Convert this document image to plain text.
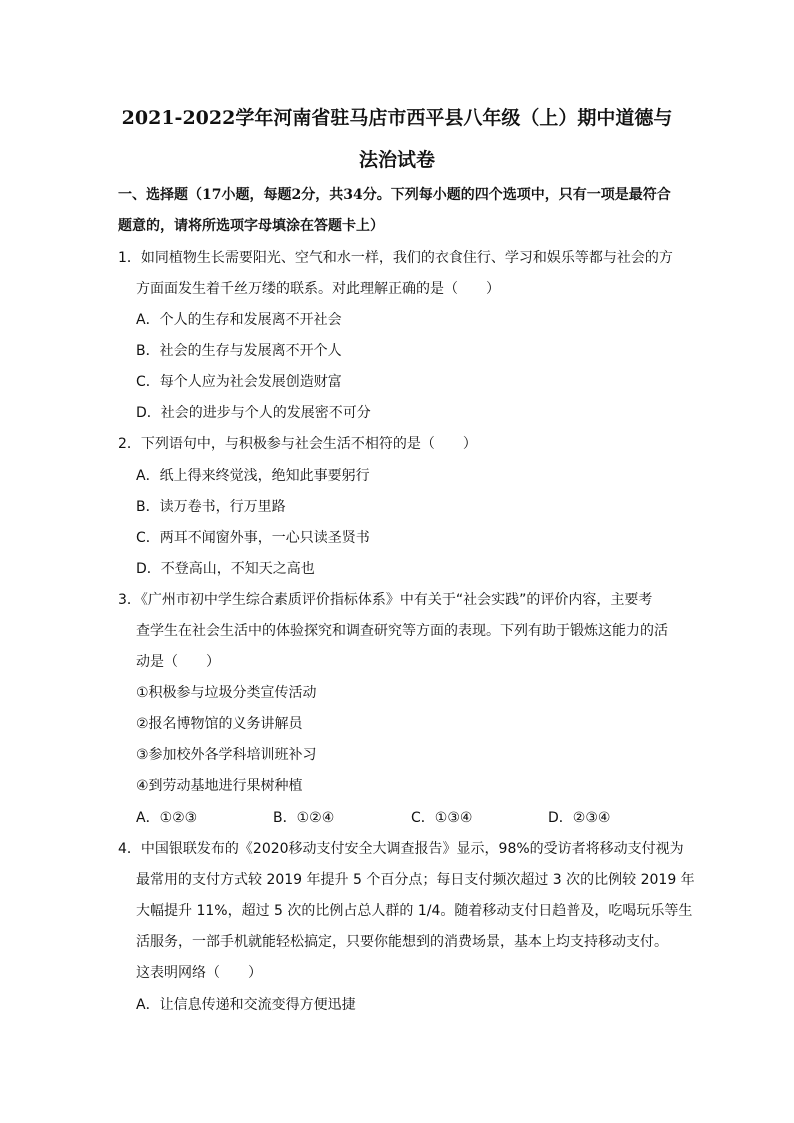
2021-2022学年河南省驻马店市西平县八年级（上）期中道德与
法治试卷
一、选择题（17小题，每题2分，共34分。下列每小题的四个选项中，只有一项是最符合
题意的，请将所选项字母填涂在答题卡上）
1．如同植物生长需要阳光、空气和水一样，我们的衣食住行、学习和娱乐等都与社会的方
方面面发生着千丝万缕的联系。对此理解正确的是（　　）
A．个人的生存和发展离不开社会
B．社会的生存与发展离不开个人
C．每个人应为社会发展创造财富
D．社会的进步与个人的发展密不可分
2．下列语句中，与积极参与社会生活不相符的是（　　）
A．纸上得来终觉浅，绝知此事要躬行
B．读万卷书，行万里路
C．两耳不闻窗外事，一心只读圣贤书
D．不登高山，不知天之高也
3．《广州市初中学生综合素质评价指标体系》中有关于“社会实践”的评价内容，主要考
查学生在社会生活中的体验探究和调查研究等方面的表现。下列有助于锻炼这能力的活
动是（　　）
①积极参与垃圾分类宣传活动
②报名博物馆的义务讲解员
③参加校外各学科培训班补习
④到劳动基地进行果树种植
A．①②③	B．①②④	C．①③④	D．②③④
4．中国银联发布的《2020移动支付安全大调查报告》显示，98%的受访者将移动支付视为
最常用的支付方式较 2019 年提升 5 个百分点；每日支付频次超过 3 次的比例较 2019 年
大幅提升 11%，超过 5 次的比例占总人群的 1/4。随着移动支付日趋普及，吃喝玩乐等生
活服务，一部手机就能轻松搞定，只要你能想到的消费场景，基本上均支持移动支付。
这表明网络（　　）
A．让信息传递和交流变得方便迅捷
